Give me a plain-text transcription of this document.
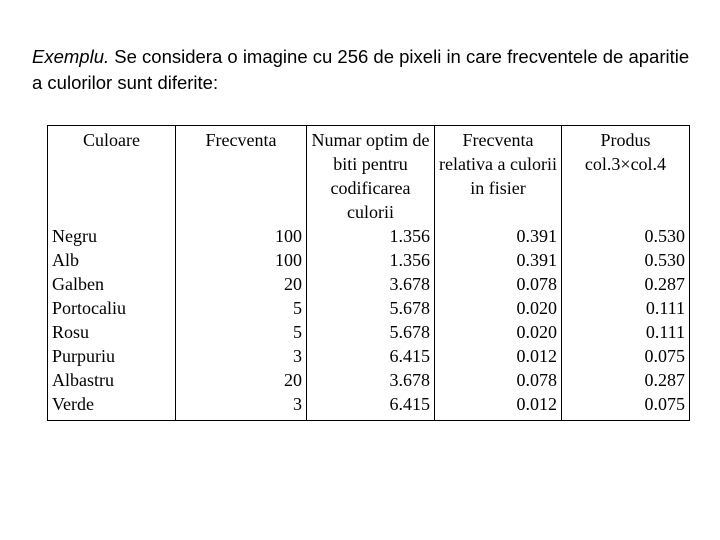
Exemplu. Se considera o imagine cu 256 de pixeli in care frecventele de aparitie a culorilor sunt diferite:

Culoare	Frecventa	Numar optim de biti pentru codificarea culorii	Frecventa relativa a culorii in fisier	Produs col.3×col.4
Negru	100	1.356	0.391	0.530
Alb	100	1.356	0.391	0.530
Galben	20	3.678	0.078	0.287
Portocaliu	5	5.678	0.020	0.111
Rosu	5	5.678	0.020	0.111
Purpuriu	3	6.415	0.012	0.075
Albastru	20	3.678	0.078	0.287
Verde	3	6.415	0.012	0.075
